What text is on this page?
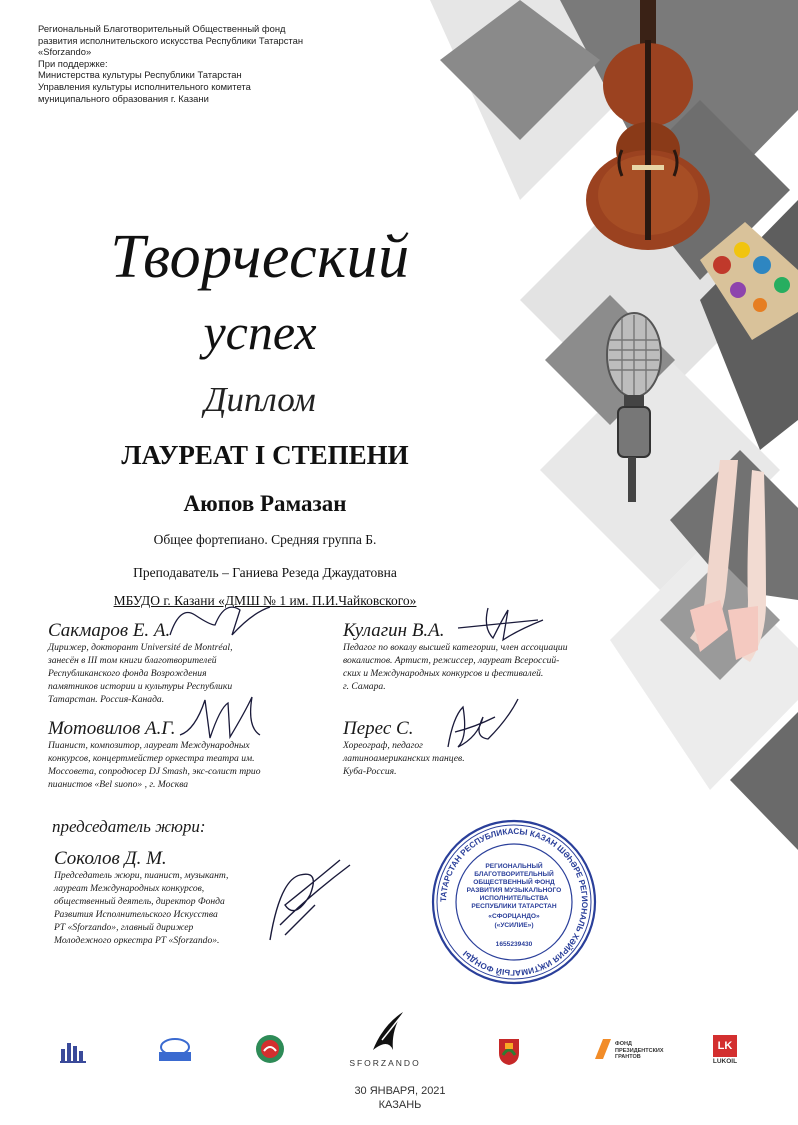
Региональный Благотворительный Общественный фонд
развития исполнительского искусства Республики Татарстан
«Sforzando»
При поддержке:
Министерства культуры Республики Татарстан
Управления культуры исполнительного комитета
муниципального образования г. Казани
Творческий
успех
Диплом
ЛАУРЕАТ I СТЕПЕНИ
Аюпов Рамазан
Общее фортепиано. Средняя группа Б.
Преподаватель – Ганиева Резеда Джаудатовна
МБУДО г. Казани «ДМШ № 1 им. П.И.Чайковского»
Сакмаров Е. А.
Дирижер, докторант Université de Montréal,
занесён в III том книги благотворителей
Республиканского фонда Возрождения
памятников истории и культуры Республики
Татарстан. Россия-Канада.
Кулагин В.А.
Педагог по вокалу высшей категории, член ассоциации
вокалистов. Артист, режиссер, лауреат Всероссий-
ских и Международных конкурсов и фестивалей.
г. Самара.
Мотовилов А.Г.
Пианист, композитор, лауреат Международных
конкурсов, концертмейстер оркестра театра им.
Моссовета, сопродюсер DJ Smash, экс-солист трио
пианистов «Bel suono» , г. Москва
Перес С.
Хореограф, педагог
латиноамериканских танцев.
Куба-Россия.
председатель жюри:
Соколов Д. М.
Председатель жюри, пианист, музыкант,
лауреат Международных конкурсов,
общественный деятель, директор Фонда
Развития Исполнительского Искусства
РТ «Sforzando», главный дирижер
Молодежного оркестра РТ «Sforzando».
ТАТАРСТАН РЕСПУБЛИКАСЫ КАЗАН ШӘҺӘРЕ РЕГИОНАЛЬ ХӘЙРИЯ ИҖТИМАГЫЙ ФОНДЫ
РЕГИОНАЛЬНЫЙ
БЛАГОТВОРИТЕЛЬНЫЙ
ОБЩЕСТВЕННЫЙ ФОНД
РАЗВИТИЯ МУЗЫКАЛЬНОГО
ИСПОЛНИТЕЛЬСТВА
РЕСПУБЛИКИ ТАТАРСТАН
«СФОРЦАНДО»
(«УСИЛИЕ»)
1655239430
SFORZANDO
ФОНД
ПРЕЗИДЕНТСКИХ
ГРАНТОВ
LK
LUKOIL
30 ЯНВАРЯ, 2021
КАЗАНЬ
